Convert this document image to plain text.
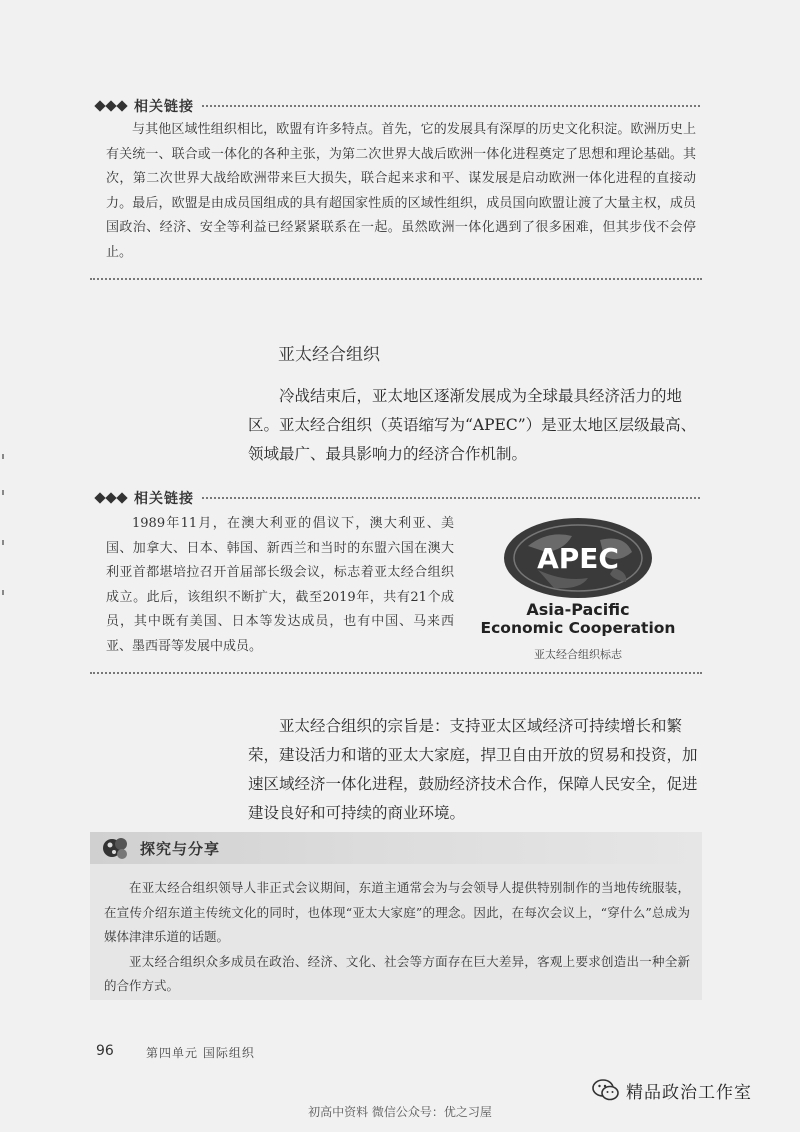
相关链接

与其他区域性组织相比，欧盟有许多特点。首先，它的发展具有深厚的历史文化积淀。欧洲历史上有关统一、联合或一体化的各种主张，为第二次世界大战后欧洲一体化进程奠定了思想和理论基础。其次，第二次世界大战给欧洲带来巨大损失，联合起来求和平、谋发展是启动欧洲一体化进程的直接动力。最后，欧盟是由成员国组成的具有超国家性质的区域性组织，成员国向欧盟让渡了大量主权，成员国政治、经济、安全等利益已经紧紧联系在一起。虽然欧洲一体化遇到了很多困难，但其步伐不会停止。

亚太经合组织

冷战结束后，亚太地区逐渐发展成为全球最具经济活力的地区。亚太经合组织（英语缩写为“APEC”）是亚太地区层级最高、领域最广、最具影响力的经济合作机制。

相关链接

1989年11月，在澳大利亚的倡议下，澳大利亚、美国、加拿大、日本、韩国、新西兰和当时的东盟六国在澳大利亚首都堪培拉召开首届部长级会议，标志着亚太经合组织成立。此后，该组织不断扩大，截至2019年，共有21个成员，其中既有美国、日本等发达成员，也有中国、马来西亚、墨西哥等发展中成员。

APEC
Asia-Pacific
Economic Cooperation
亚太经合组织标志

亚太经合组织的宗旨是：支持亚太区域经济可持续增长和繁荣，建设活力和谐的亚太大家庭，捍卫自由开放的贸易和投资，加速区域经济一体化进程，鼓励经济技术合作，保障人民安全，促进建设良好和可持续的商业环境。

探究与分享

在亚太经合组织领导人非正式会议期间，东道主通常会为与会领导人提供特别制作的当地传统服装，在宣传介绍东道主传统文化的同时，也体现“亚太大家庭”的理念。因此，在每次会议上，“穿什么”总成为媒体津津乐道的话题。

亚太经合组织众多成员在政治、经济、文化、社会等方面存在巨大差异，客观上要求创造出一种全新的合作方式。

96	第四单元 国际组织
精品政治工作室
初高中资料 微信公众号：优之习屋
